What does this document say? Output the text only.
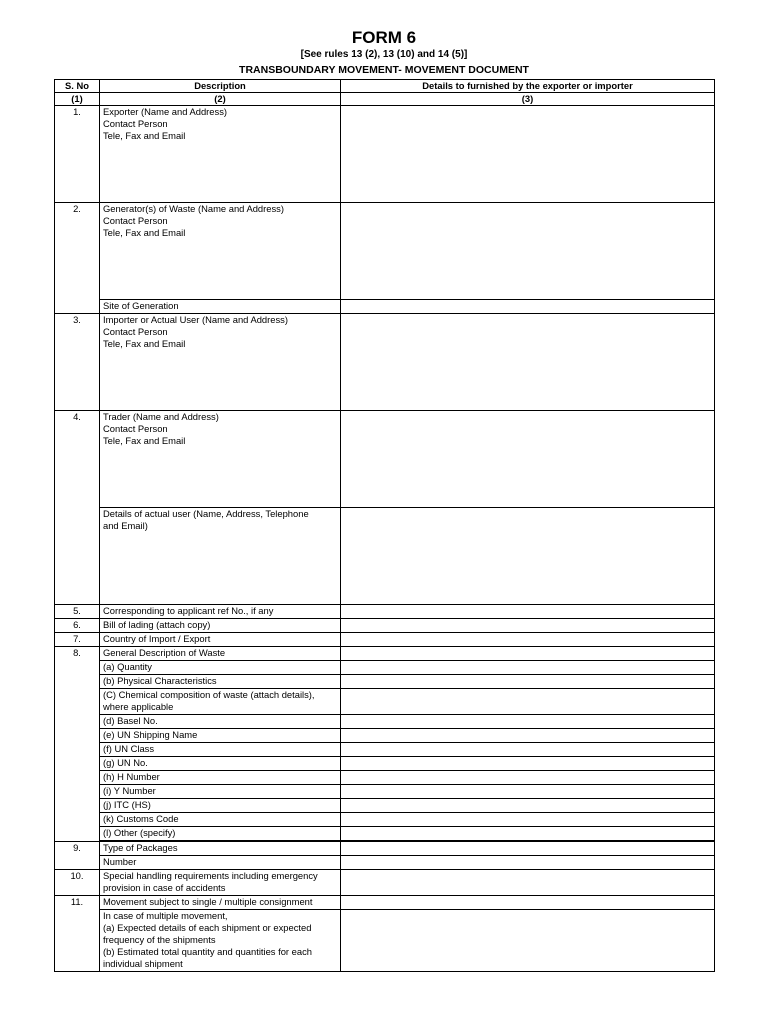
FORM 6
[See rules 13 (2), 13 (10) and 14 (5)]
TRANSBOUNDARY MOVEMENT- MOVEMENT DOCUMENT
S. No	Description	Details to furnished by the exporter or importer
(1)	(2)	(3)
1.	Exporter (Name and Address)
Contact Person
Tele, Fax and Email	

2.	Generator(s) of Waste (Name and Address)
Contact Person
Tele, Fax and Email	

	Site of Generation	
3.	Importer or Actual User (Name and Address)
Contact Person
Tele, Fax and Email	

4.	Trader (Name and Address)
Contact Person
Tele, Fax and Email	

	Details of actual user (Name, Address, Telephone
and Email)	

5.	Corresponding to applicant ref No., if any	
6.	Bill of lading (attach copy)	
7.	Country of Import / Export	
8.	General Description of Waste	
	(a) Quantity	
	(b) Physical Characteristics	

	(C) Chemical composition of waste (attach details),
where applicable	

	(d) Basel No.	
	(e) UN Shipping Name	
	(f) UN Class	
	(g) UN No.	
	(h) H Number	
	(i) Y Number	
	(j) ITC (HS)	
	(k) Customs Code	
	(l) Other (specify)	

9.	Type of Packages	
	Number	
10.	Special handling requirements including emergency
provision in case of accidents	

11.	Movement subject to single / multiple consignment	

	In case of multiple movement,
(a) Expected details of each shipment or expected
frequency of the shipments
(b) Estimated total quantity and quantities for each
individual shipment	
